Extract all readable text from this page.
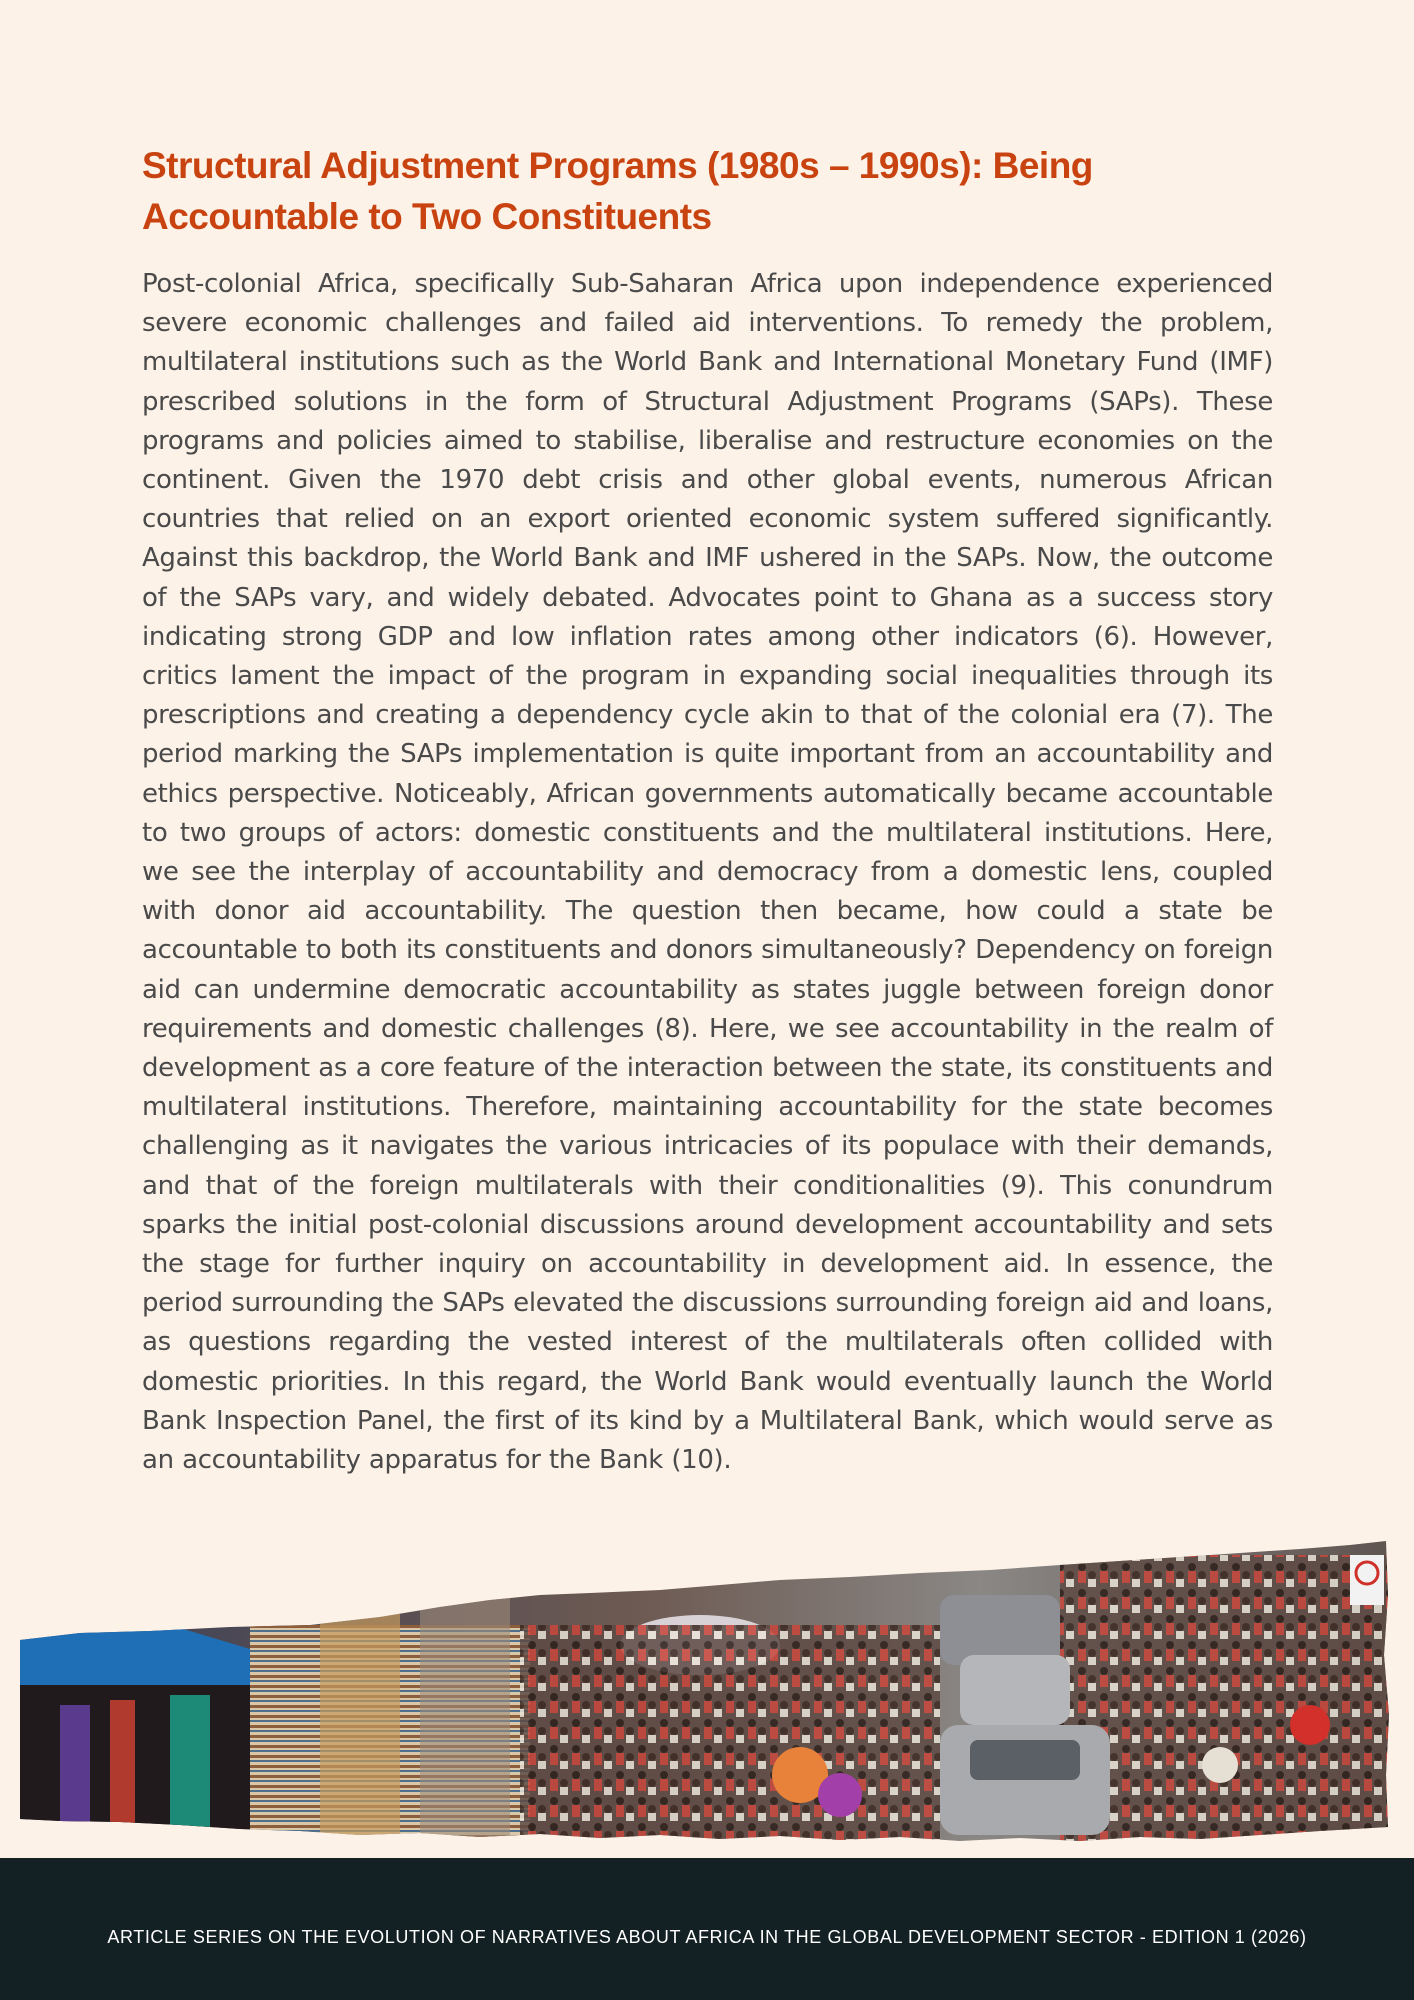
Structural Adjustment Programs (1980s – 1990s): Being Accountable to Two Constituents

Post-colonial Africa, specifically Sub-Saharan Africa upon independence experienced severe economic challenges and failed aid interventions. To remedy the problem, multilateral institutions such as the World Bank and International Monetary Fund (IMF) prescribed solutions in the form of Structural Adjustment Programs (SAPs). These programs and policies aimed to stabilise, liberalise and restructure economies on the continent. Given the 1970 debt crisis and other global events, numerous African countries that relied on an export oriented economic system suffered significantly. Against this backdrop, the World Bank and IMF ushered in the SAPs. Now, the outcome of the SAPs vary, and widely debated. Advocates point to Ghana as a success story indicating strong GDP and low inflation rates among other indicators (6). However, critics lament the impact of the program in expanding social inequalities through its prescriptions and creating a dependency cycle akin to that of the colonial era (7). The period marking the SAPs implementation is quite important from an accountability and ethics perspective. Noticeably, African governments automatically became accountable to two groups of actors: domestic constituents and the multilateral institutions. Here, we see the interplay of accountability and democracy from a domestic lens, coupled with donor aid accountability. The question then became, how could a state be accountable to both its constituents and donors simultaneously? Dependency on foreign aid can undermine democratic accountability as states juggle between foreign donor requirements and domestic challenges (8). Here, we see accountability in the realm of development as a core feature of the interaction between the state, its constituents and multilateral institutions. Therefore, maintaining accountability for the state becomes challenging as it navigates the various intricacies of its populace with their demands, and that of the foreign multilaterals with their conditionalities (9). This conundrum sparks the initial post-colonial discussions around development accountability and sets the stage for further inquiry on accountability in development aid. In essence, the period surrounding the SAPs elevated the discussions surrounding foreign aid and loans, as questions regarding the vested interest of the multilaterals often collided with domestic priorities. In this regard, the World Bank would eventually launch the World Bank Inspection Panel, the first of its kind by a Multilateral Bank, which would serve as an accountability apparatus for the Bank (10).

ARTICLE SERIES ON THE EVOLUTION OF NARRATIVES ABOUT AFRICA IN THE GLOBAL DEVELOPMENT SECTOR - EDITION 1 (2026)
